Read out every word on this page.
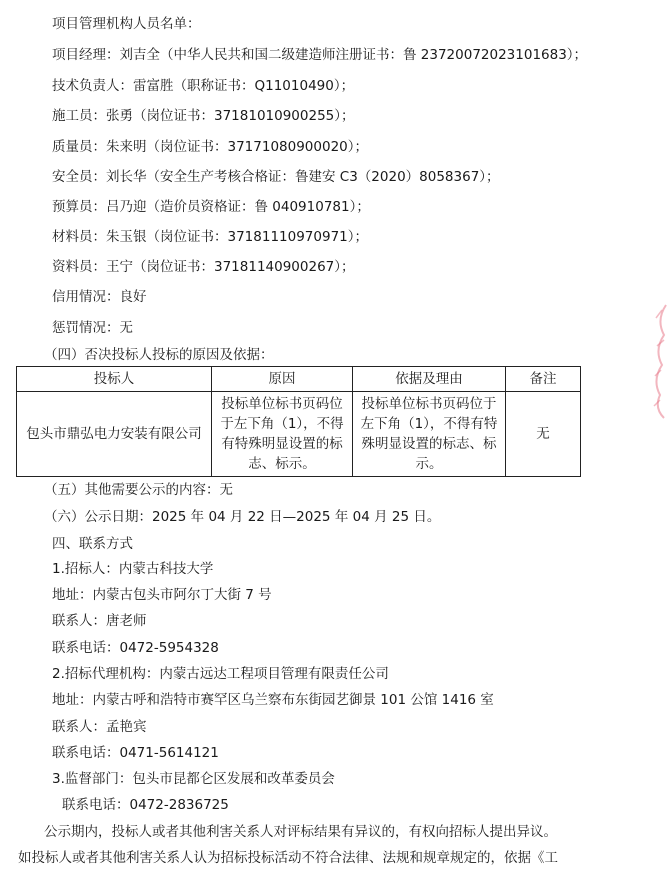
项目管理机构人员名单：
项目经理：刘吉全（中华人民共和国二级建造师注册证书：鲁 23720072023101683）；
技术负责人：雷富胜（职称证书：Q11010490）；
施工员：张勇（岗位证书：37181010900255）；
质量员：朱来明（岗位证书：37171080900020）；
安全员：刘长华（安全生产考核合格证：鲁建安 C3（2020）8058367）；
预算员：吕乃迎（造价员资格证：鲁 040910781）；
材料员：朱玉银（岗位证书：37181110970971）；
资料员：王宁（岗位证书：37181140900267）；
信用情况：良好
惩罚情况：无
（四）否决投标人投标的原因及依据：
投标人	原因	依据及理由	备注
包头市鼎弘电力安装有限公司	投标单位标书页码位于左下角（1），不得有特殊明显设置的标志、标示。	投标单位标书页码位于左下角（1），不得有特殊明显设置的标志、标示。	无
（五）其他需要公示的内容：无
（六）公示日期：2025 年 04 月 22 日—2025 年 04 月 25 日。
四、联系方式
1.招标人：内蒙古科技大学
地址：内蒙古包头市阿尔丁大街 7 号
联系人：唐老师
联系电话：0472-5954328
2.招标代理机构：内蒙古远达工程项目管理有限责任公司
地址：内蒙古呼和浩特市赛罕区乌兰察布东街园艺御景 101 公馆 1416 室
联系人：孟艳宾
联系电话：0471-5614121
3.监督部门：包头市昆都仑区发展和改革委员会
联系电话：0472-2836725
公示期内，投标人或者其他利害关系人对评标结果有异议的，有权向招标人提出异议。
如投标人或者其他利害关系人认为招标投标活动不符合法律、法规和规章规定的，依据《工
